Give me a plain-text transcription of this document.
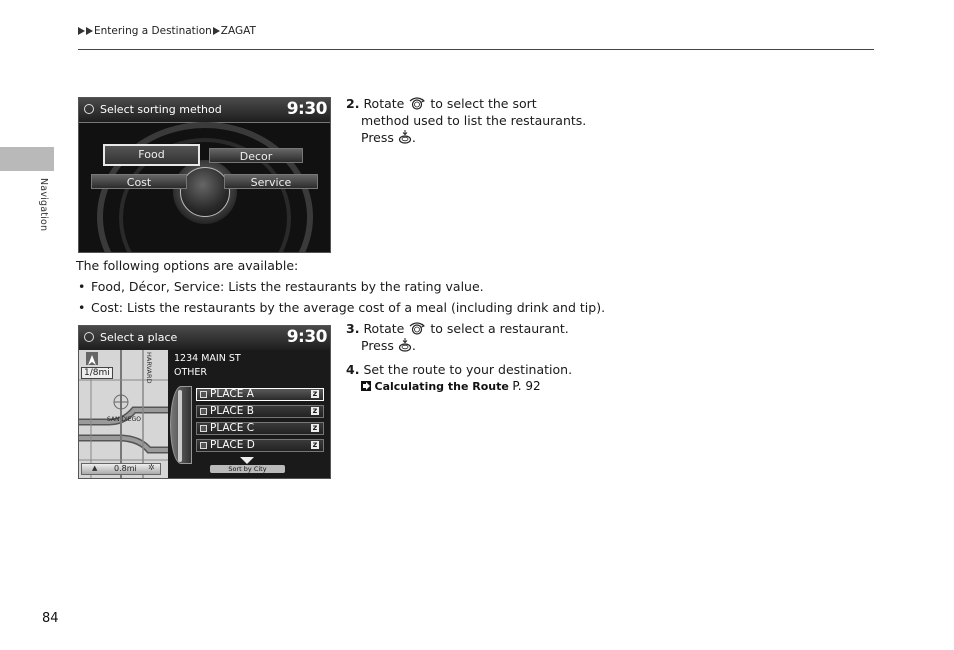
Entering a Destination ZAGAT
Navigation
Select sorting method	9:30
Food	Decor
Cost	Service
2. Rotate to select the sort
method used to list the restaurants.
Press .
The following options are available:
• Food, Décor, Service: Lists the restaurants by the rating value.
• Cost: Lists the restaurants by the average cost of a meal (including drink and tip).
Select a place	9:30
1/8mi	HARVARD
SAN DIEGO
▲ 0.8mi ✲
1234 MAIN ST
OTHER
PLACE A	z
PLACE B	z
PLACE C	z
PLACE D	z
Sort by City
3. Rotate to select a restaurant.
Press .
4. Set the route to your destination.
Calculating the Route P. 92
84
